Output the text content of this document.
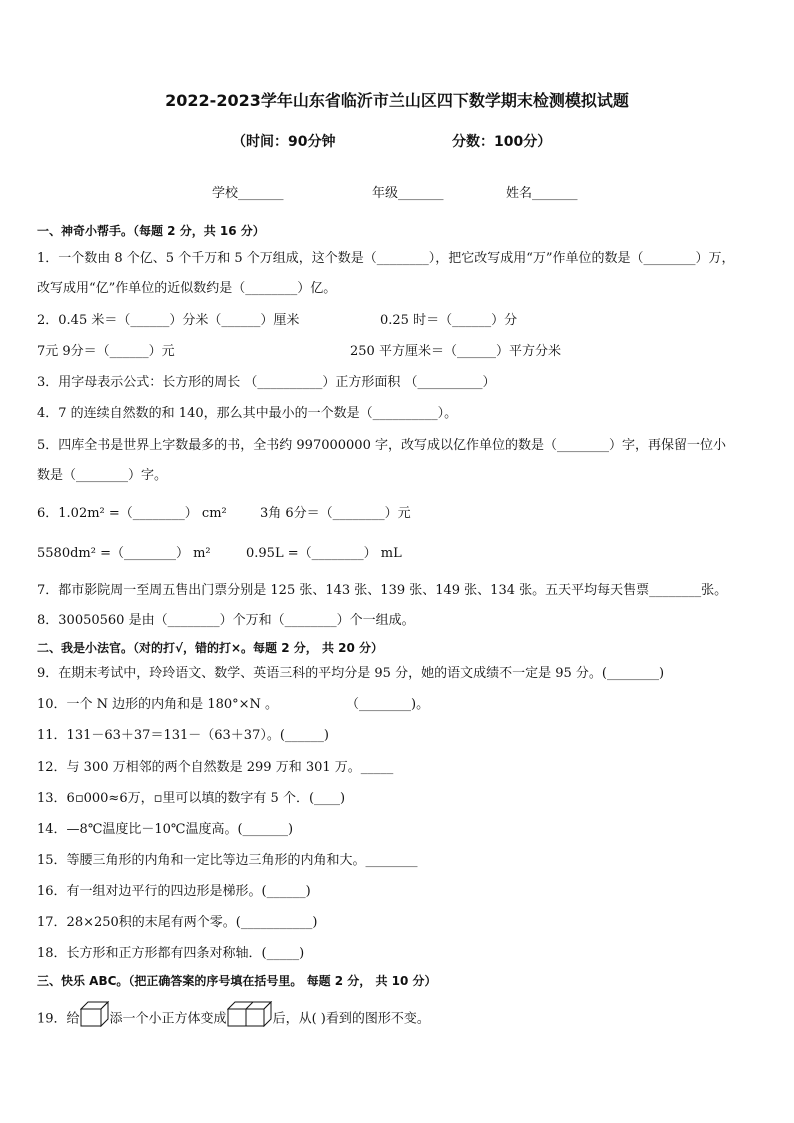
2022-2023学年山东省临沂市兰山区四下数学期末检测模拟试题
（时间：90分钟	分数：100分）
学校_______	年级_______	姓名_______
一、神奇小帮手。（每题 2 分，共 16 分）
1．一个数由 8 个亿、5 个千万和 5 个万组成，这个数是（________），把它改写成用“万”作单位的数是（________）万，
改写成用“亿”作单位的近似数约是（________）亿。
2．0.45 米＝（______）分米（______）厘米	0.25 时＝（______）分
7元 9分＝（______）元	250 平方厘米＝（______）平方分米
3．用字母表示公式：长方形的周长 （__________）正方形面积 （__________）
4．7 的连续自然数的和 140，那么其中最小的一个数是（__________）。
5．四库全书是世界上字数最多的书，全书约 997000000 字，改写成以亿作单位的数是（________）字，再保留一位小
数是（________）字。
6．1.02m² =（________） cm²	3角 6分＝（________）元
5580dm² =（________） m²	0.95L =（________） mL
7．都市影院周一至周五售出门票分别是 125 张、143 张、139 张、149 张、134 张。五天平均每天售票________张。
8．30050560 是由（________）个万和（________）个一组成。
二、我是小法官。（对的打√，错的打×。每题 2 分， 共 20 分）
9．在期末考试中，玲玲语文、数学、英语三科的平均分是 95 分，她的语文成绩不一定是 95 分。(________)
10．一个 N 边形的内角和是 180°×N 。	（________)。
11．131－63＋37＝131－（63＋37）。(______)
12．与 300 万相邻的两个自然数是 299 万和 301 万。_____
13．6▫000≈6万，▫里可以填的数字有 5 个．(____)
14．—8℃温度比－10℃温度高。(_______)
15．等腰三角形的内角和一定比等边三角形的内角和大。________
16．有一组对边平行的四边形是梯形。(______)
17．28×250积的末尾有两个零。(___________)
18．长方形和正方形都有四条对称轴．(_____)
三、快乐 ABC。（把正确答案的序号填在括号里。 每题 2 分， 共 10 分）
19．给 添一个小正方体变成	后，从( )看到的图形不变。
